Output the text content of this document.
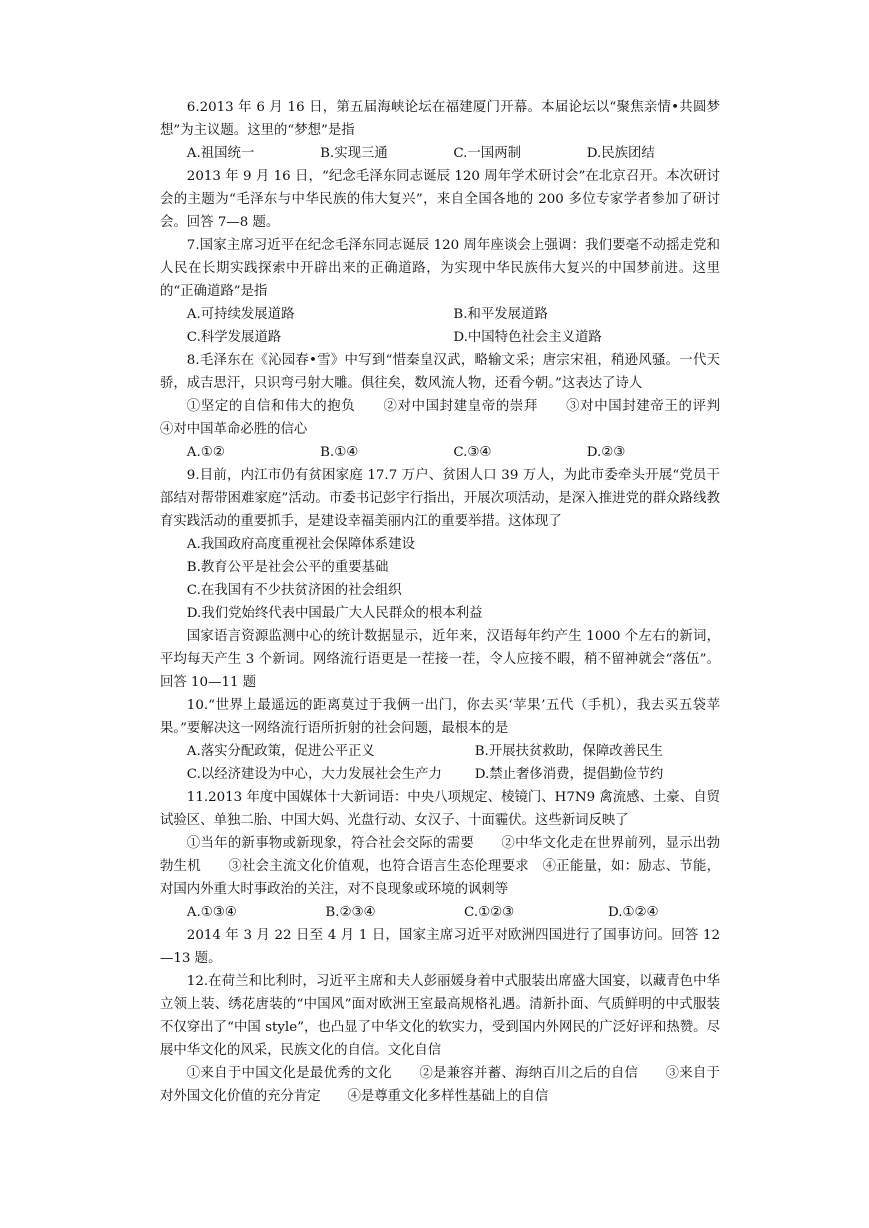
6.2013 年 6 月 16 日，第五届海峡论坛在福建厦门开幕。本届论坛以“聚焦亲情•共圆梦想”为主议题。这里的“梦想”是指

A.祖国统一	B.实现三通	C.一国两制	D.民族团结

2013 年 9 月 16 日，“纪念毛泽东同志诞辰 120 周年学术研讨会”在北京召开。本次研讨会的主题为“毛泽东与中华民族的伟大复兴”，来自全国各地的 200 多位专家学者参加了研讨会。回答 7—8 题。

7.国家主席习近平在纪念毛泽东同志诞辰 120 周年座谈会上强调：我们要毫不动摇走党和人民在长期实践探索中开辟出来的正确道路，为实现中华民族伟大复兴的中国梦前进。这里的“正确道路”是指

A.可持续发展道路	B.和平发展道路
C.科学发展道路	D.中国特色社会主义道路

8.毛泽东在《沁园春•雪》中写到“惜秦皇汉武，略输文采；唐宗宋祖，稍逊风骚。一代天骄，成吉思汗，只识弯弓射大雕。俱往矣，数风流人物，还看今朝。”这表达了诗人

①坚定的自信和伟大的抱负　　②对中国封建皇帝的崇拜　　③对中国封建帝王的评判　④对中国革命必胜的信心

A.①②	B.①④	C.③④	D.②③

9.目前，内江市仍有贫困家庭 17.7 万户、贫困人口 39 万人，为此市委牵头开展“党员干部结对帮带困难家庭”活动。市委书记彭宇行指出，开展次项活动，是深入推进党的群众路线教育实践活动的重要抓手，是建设幸福美丽内江的重要举措。这体现了

A.我国政府高度重视社会保障体系建设

B.教育公平是社会公平的重要基础

C.在我国有不少扶贫济困的社会组织

D.我们党始终代表中国最广大人民群众的根本利益

国家语言资源监测中心的统计数据显示，近年来，汉语每年约产生 1000 个左右的新词，平均每天产生 3 个新词。网络流行语更是一茬接一茬，令人应接不暇，稍不留神就会“落伍”。回答 10—11 题

10.“世界上最遥远的距离莫过于我俩一出门，你去买‘苹果’五代（手机），我去买五袋苹果。”要解决这一网络流行语所折射的社会问题，最根本的是

A.落实分配政策，促进公平正义	B.开展扶贫救助，保障改善民生
C.以经济建设为中心，大力发展社会生产力	D.禁止奢侈消费，提倡勤俭节约

11.2013 年度中国媒体十大新词语：中央八项规定、棱镜门、H7N9 禽流感、土豪、自贸试验区、单独二胎、中国大妈、光盘行动、女汉子、十面霾伏。这些新词反映了

①当年的新事物或新现象，符合社会交际的需要　　②中华文化走在世界前列，显示出勃勃生机　　③社会主流文化价值观，也符合语言生态伦理要求　④正能量，如：励志、节能，对国内外重大时事政治的关注，对不良现象或环境的讽刺等

A.①③④	B.②③④	C.①②③	D.①②④

2014 年 3 月 22 日至 4 月 1 日，国家主席习近平对欧洲四国进行了国事访问。回答 12—13 题。

12.在荷兰和比利时，习近平主席和夫人彭丽媛身着中式服装出席盛大国宴，以藏青色中华立领上装、绣花唐装的“中国风”面对欧洲王室最高规格礼遇。清新扑面、气质鲜明的中式服装不仅穿出了“中国 style”，也凸显了中华文化的软实力，受到国内外网民的广泛好评和热赞。尽展中华文化的风采，民族文化的自信。文化自信

①来自于中国文化是最优秀的文化　　②是兼容并蓄、海纳百川之后的自信　　③来自于对外国文化价值的充分肯定　　④是尊重文化多样性基础上的自信
